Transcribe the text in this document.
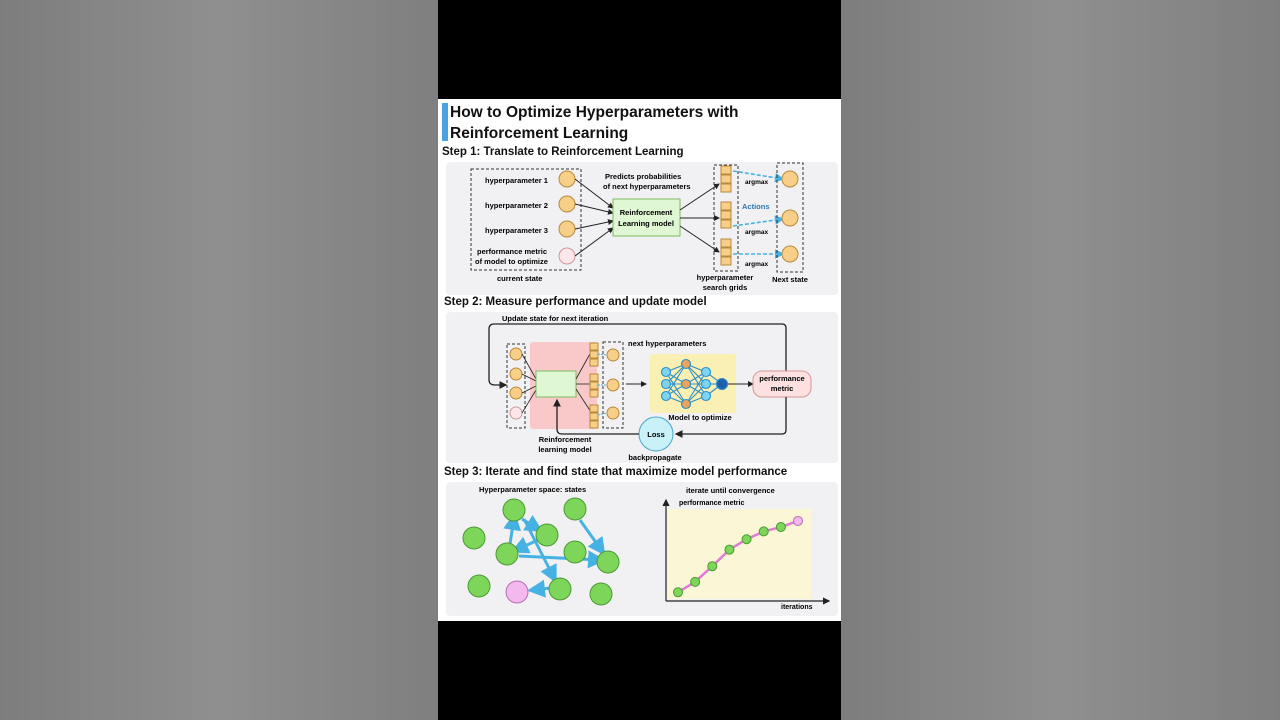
How to Optimize Hyperparameters with
Reinforcement Learning
Step 1: Translate to Reinforcement Learning
hyperparameter 1
hyperparameter 2
hyperparameter 3
performance metric
of model to optimize
current state
Predicts probabilities
of next hyperparameters
Reinforcement
Learning model
argmax
Actions
argmax
argmax
hyperparameter
search grids
Next state
Step 2: Measure performance and update model
Update state for next iteration
next hyperparameters
performance
metric
Model to optimize
Loss
Reinforcement
learning model
backpropagate
Step 3: Iterate and find state that maximize model performance
Hyperparameter space: states	iterate until convergence
performance metric
iterations
